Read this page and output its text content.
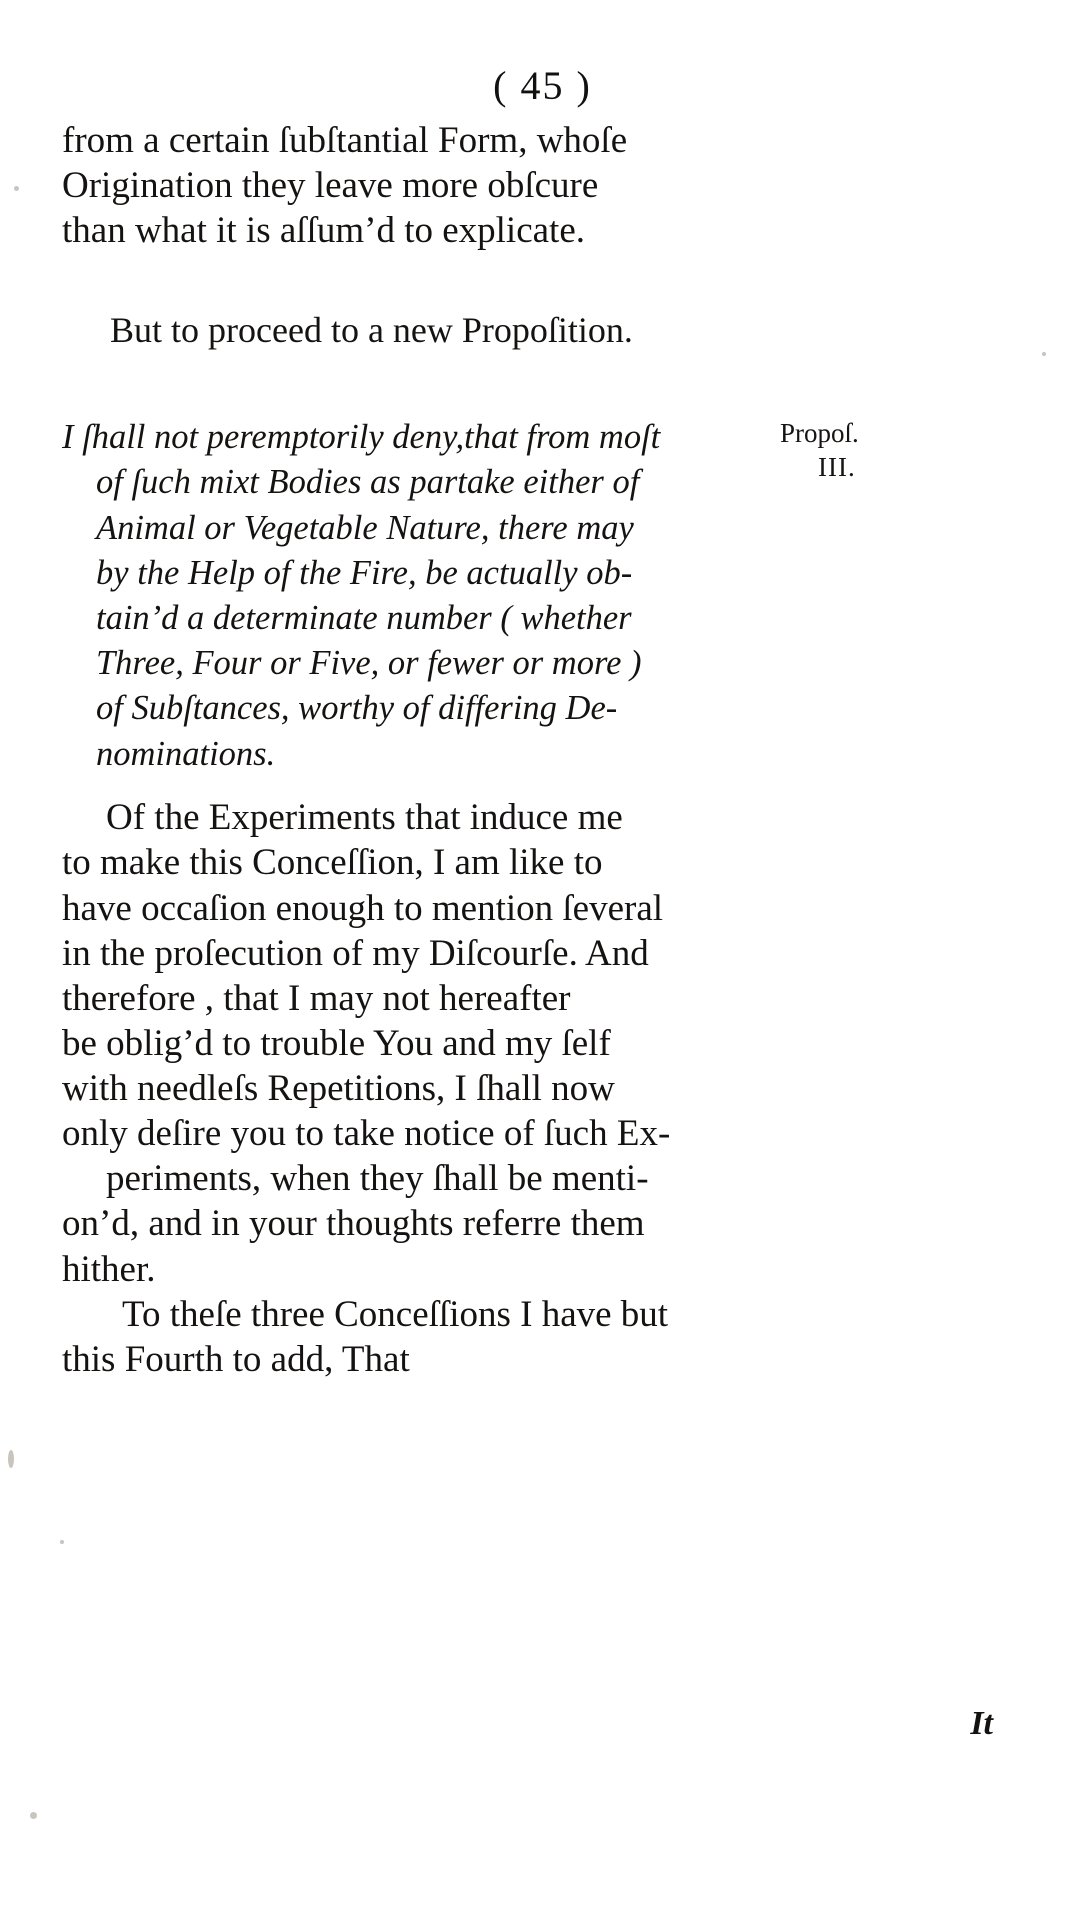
( 45 )

from a certain ſubſtantial Form, whoſe
Origination they leave more obſcure
than what it is aſſum’d to explicate.

But to proceed to a new Propoſition.

I ſhall not peremptorily deny,that from moſt
of ſuch mixt Bodies as partake either of
Animal or Vegetable Nature, there may
by the Help of the Fire, be actually ob-
tain’d a determinate number ( whether
Three, Four or Five, or fewer or more )
of Subſtances, worthy of differing De-
nominations.
Propoſ.
III.

Of the Experiments that induce me
to make this Conceſſion, I am like to
have occaſion enough to mention ſeveral
in the proſecution of my Diſcourſe. And
therefore , that I may not hereafter
be oblig’d to trouble You and my ſelf
with needleſs Repetitions, I ſhall now
only deſire you to take notice of ſuch Ex-
periments, when they ſhall be menti-
on’d, and in your thoughts referre them
hither.

To theſe three Conceſſions I have but
this Fourth to add, That

It
